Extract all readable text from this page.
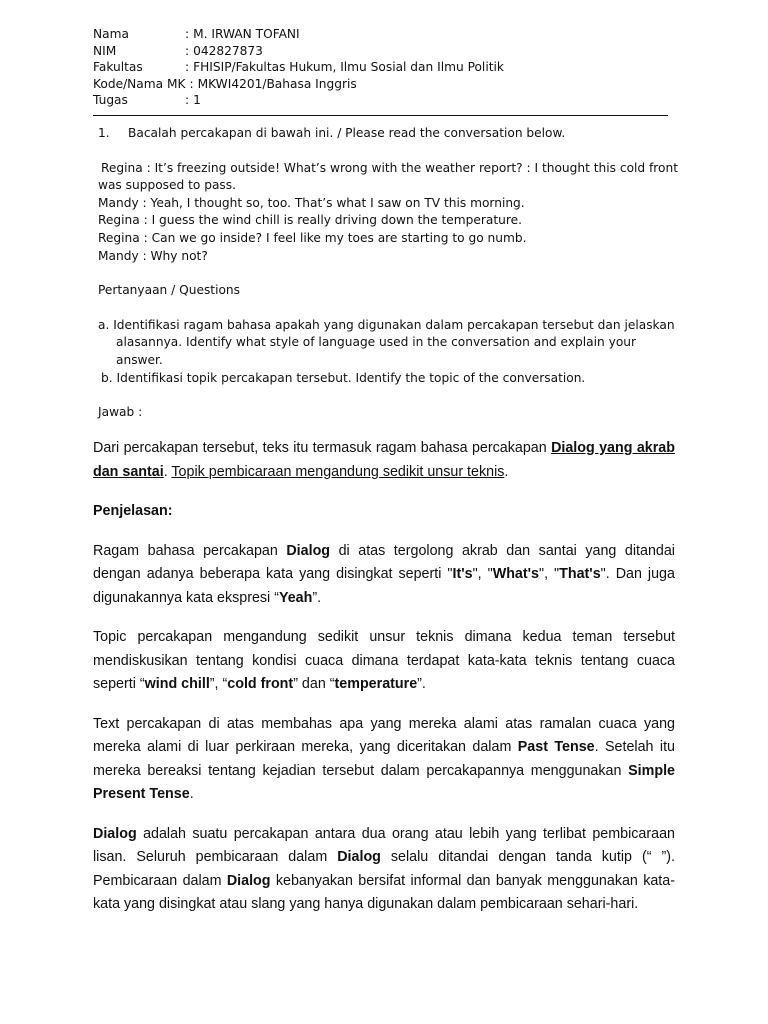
Nama	: M. IRWAN TOFANI
NIM	: 042827873
Fakultas	: FHISIP/Fakultas Hukum, Ilmu Sosial dan Ilmu Politik
Kode/Nama MK : MKWI4201/Bahasa Inggris
Tugas	: 1
1.	Bacalah percakapan di bawah ini. / Please read the conversation below.

Regina : It’s freezing outside! What’s wrong with the weather report? : I thought this cold front was supposed to pass.

Mandy : Yeah, I thought so, too. That’s what I saw on TV this morning.

Regina : I guess the wind chill is really driving down the temperature.

Regina : Can we go inside? I feel like my toes are starting to go numb.

Mandy : Why not?

Pertanyaan / Questions

a. Identifikasi ragam bahasa apakah yang digunakan dalam percakapan tersebut dan jelaskan
alasannya. Identify what style of language used in the conversation and explain your answer.

b. Identifikasi topik percakapan tersebut. Identify the topic of the conversation.

Jawab :

Dari percakapan tersebut, teks itu termasuk ragam bahasa percakapan Dialog yang akrab dan santai. Topik pembicaraan mengandung sedikit unsur teknis.

Penjelasan:

Ragam bahasa percakapan Dialog di atas tergolong akrab dan santai yang ditandai dengan adanya beberapa kata yang disingkat seperti "It's", "What's", "That's". Dan juga digunakannya kata ekspresi “Yeah”.

Topic percakapan mengandung sedikit unsur teknis dimana kedua teman tersebut mendiskusikan tentang kondisi cuaca dimana terdapat kata-kata teknis tentang cuaca seperti “wind chill”, “cold front” dan “temperature”.

Text percakapan di atas membahas apa yang mereka alami atas ramalan cuaca yang mereka alami di luar perkiraan mereka, yang diceritakan dalam Past Tense. Setelah itu mereka bereaksi tentang kejadian tersebut dalam percakapannya menggunakan Simple Present Tense.

Dialog adalah suatu percakapan antara dua orang atau lebih yang terlibat pembicaraan lisan. Seluruh pembicaraan dalam Dialog selalu ditandai dengan tanda kutip (“ ”). Pembicaraan dalam Dialog kebanyakan bersifat informal dan banyak menggunakan kata-kata yang disingkat atau slang yang hanya digunakan dalam pembicaraan sehari-hari.
